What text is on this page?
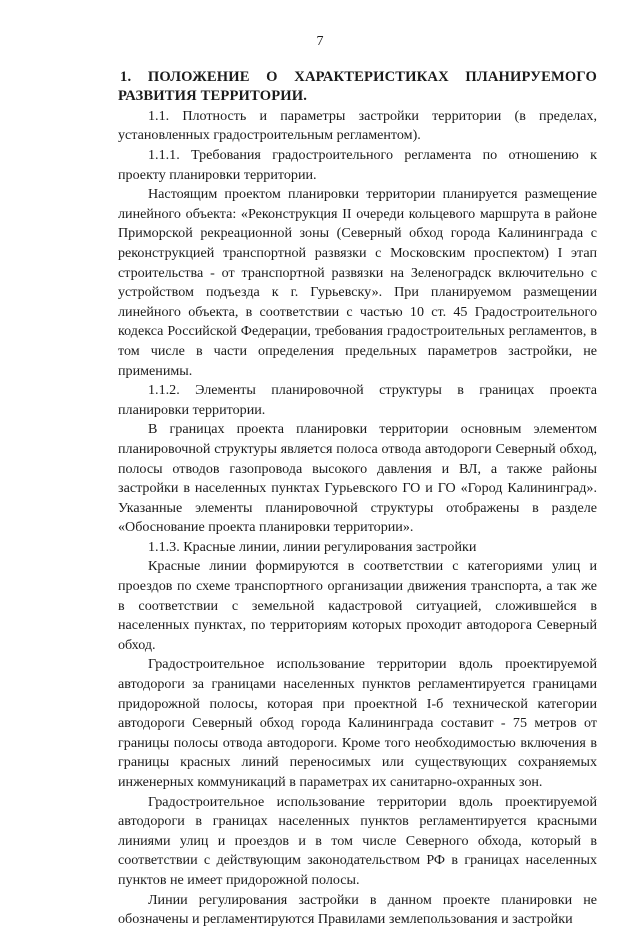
7

1. ПОЛОЖЕНИЕ О ХАРАКТЕРИСТИКАХ ПЛАНИРУЕМОГО РАЗВИТИЯ ТЕРРИТОРИИ.

1.1. Плотность и параметры застройки территории (в пределах, установленных градостроительным регламентом).

1.1.1. Требования градостроительного регламента по отношению к проекту планировки территории.

Настоящим проектом планировки территории планируется размещение линейного объекта: «Реконструкция II очереди кольцевого маршрута в районе Приморской рекреационной зоны (Северный обход города Калининграда с реконструкцией транспортной развязки с Московским проспектом) I этап строительства - от транспортной развязки на Зеленоградск включительно с устройством подъезда к г. Гурьевску». При планируемом размещении линейного объекта, в соответствии с частью 10 ст. 45 Градостроительного кодекса Российской Федерации, требования градостроительных регламентов, в том числе в части определения предельных параметров застройки, не применимы.

1.1.2. Элементы планировочной структуры в границах проекта планировки территории.

В границах проекта планировки территории основным элементом планировочной структуры является полоса отвода автодороги Северный обход, полосы отводов газопровода высокого давления и ВЛ, а также районы застройки в населенных пунктах Гурьевского ГО и ГО «Город Калининград». Указанные элементы планировочной структуры отображены в разделе «Обоснование проекта планировки территории».

1.1.3. Красные линии, линии регулирования застройки

Красные линии формируются в соответствии с категориями улиц и проездов по схеме транспортного организации движения транспорта, а так же в соответствии с земельной кадастровой ситуацией, сложившейся в населенных пунктах, по территориям которых проходит автодорога Северный обход.

Градостроительное использование территории вдоль проектируемой автодороги за границами населенных пунктов регламентируется границами придорожной полосы, которая при проектной I-б технической категории автодороги Северный обход города Калининграда составит - 75 метров от границы полосы отвода автодороги. Кроме того необходимостью включения в границы красных линий переносимых или существующих сохраняемых инженерных коммуникаций в параметрах их санитарно-охранных зон.

Градостроительное использование территории вдоль проектируемой автодороги в границах населенных пунктов регламентируется красными линиями улиц и проездов и в том числе Северного обхода, который в соответствии с действующим законодательством РФ в границах населенных пунктов не имеет придорожной полосы.

Линии регулирования застройки в данном проекте планировки не обозначены и регламентируются Правилами землепользования и застройки
